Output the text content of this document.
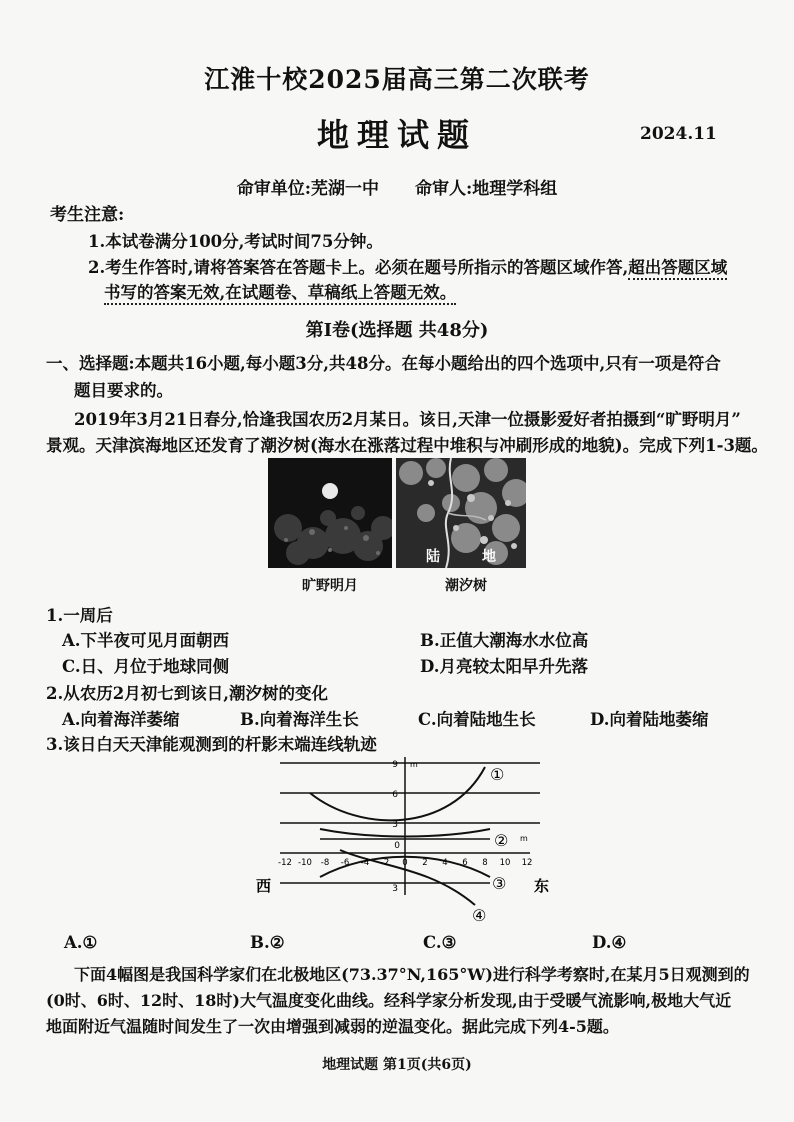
江淮十校2025届高三第二次联考
地理试题	2024.11
命审单位:芜湖一中 命审人:地理学科组
考生注意:
1.本试卷满分100分,考试时间75分钟。
2.考生作答时,请将答案答在答题卡上。必须在题号所指示的答题区域作答,超出答题区域
书写的答案无效,在试题卷、草稿纸上答题无效。
第Ⅰ卷(选择题 共48分)
一、选择题:本题共16小题,每小题3分,共48分。在每小题给出的四个选项中,只有一项是符合
题目要求的。
2019年3月21日春分,恰逢我国农历2月某日。该日,天津一位摄影爱好者拍摄到“旷野明月”
景观。天津滨海地区还发育了潮汐树(海水在涨落过程中堆积与冲刷形成的地貌)。完成下列1-3题。
陆	地
旷野明月	潮汐树
1.一周后
A.下半夜可见月面朝西	B.正值大潮海水水位高
C.日、月位于地球同侧	D.月亮较太阳早升先落
2.从农历2月初七到该日,潮汐树的变化
A.向着海洋萎缩	B.向着海洋生长	C.向着陆地生长	D.向着陆地萎缩
3.该日白天天津能观测到的杆影末端连线轨迹
9
6
3
0
3
m
m
-12 -10 -8 -6 -4 -2 0 2 4 6 8 10 12
西	东
①
②
③
④
A.①	B.②	C.③	D.④
下面4幅图是我国科学家们在北极地区(73.37°N,165°W)进行科学考察时,在某月5日观测到的
(0时、6时、12时、18时)大气温度变化曲线。经科学家分析发现,由于受暖气流影响,极地大气近
地面附近气温随时间发生了一次由增强到减弱的逆温变化。据此完成下列4-5题。
地理试题 第1页(共6页)
